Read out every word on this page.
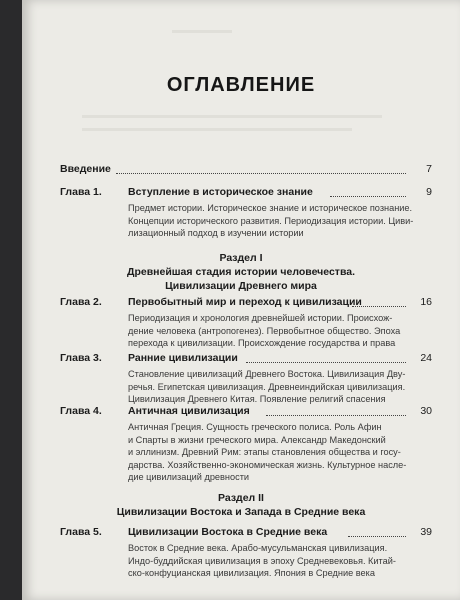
ОГЛАВЛЕНИЕ
Введение	7
Глава 1. Вступление в историческое знание	9
Предмет истории. Историческое знание и историческое познание.
Концепции исторического развития. Периодизация истории. Циви-
лизационный подход в изучении истории
Раздел I
Древнейшая стадия истории человечества.
Цивилизации Древнего мира
Глава 2. Первобытный мир и переход к цивилизации	16
Периодизация и хронология древнейшей истории. Происхож-
дение человека (антропогенез). Первобытное общество. Эпоха
перехода к цивилизации. Происхождение государства и права
Глава 3. Ранние цивилизации	24
Становление цивилизаций Древнего Востока. Цивилизация Дву-
речья. Египетская цивилизация. Древнеиндийская цивилизация.
Цивилизация Древнего Китая. Появление религий спасения
Глава 4. Античная цивилизация	30
Античная Греция. Сущность греческого полиса. Роль Афин
и Спарты в жизни греческого мира. Александр Македонский
и эллинизм. Древний Рим: этапы становления общества и госу-
дарства. Хозяйственно-экономическая жизнь. Культурное насле-
дие цивилизаций древности
Раздел II
Цивилизации Востока и Запада в Средние века
Глава 5. Цивилизации Востока в Средние века	39
Восток в Средние века. Арабо-мусульманская цивилизация.
Индо-буддийская цивилизация в эпоху Средневековья. Китай-
ско-конфуцианская цивилизация. Япония в Средние века
